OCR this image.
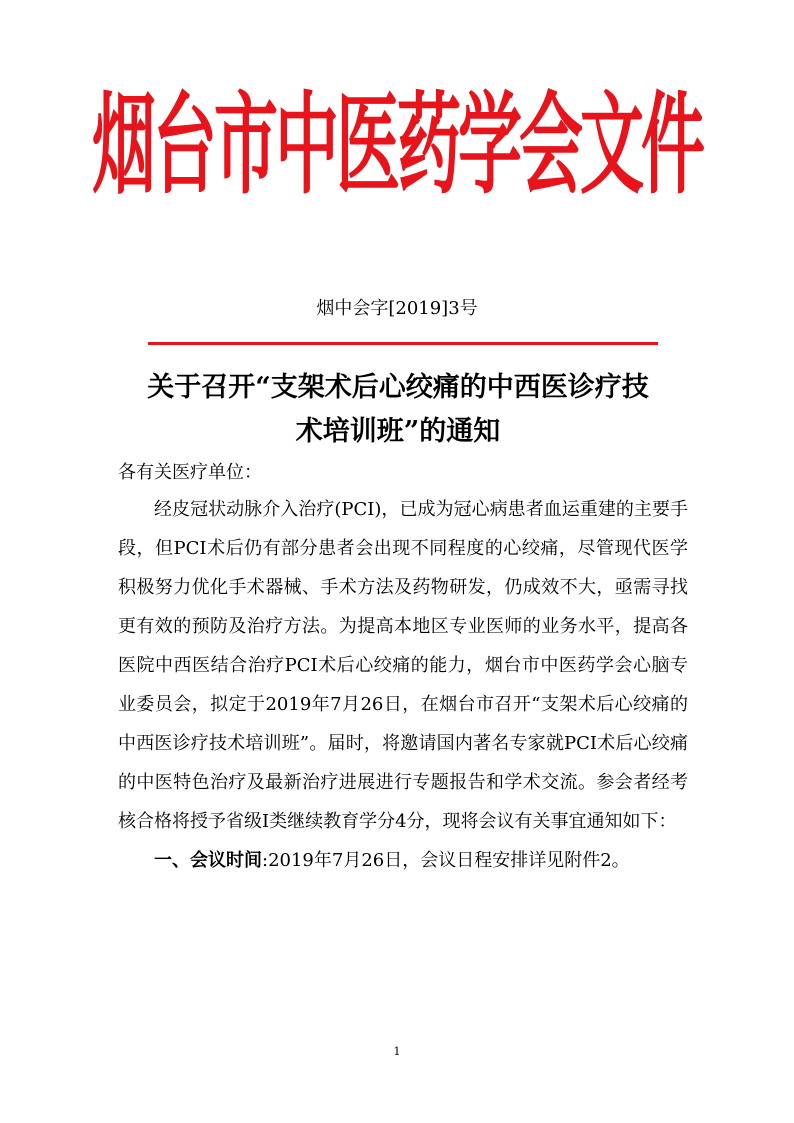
烟台市中医药学会文件
烟中会字[2019]3号
关于召开“支架术后心绞痛的中西医诊疗技
术培训班”的通知
各有关医疗单位：

经皮冠状动脉介入治疗(PCI)，已成为冠心病患者血运重建的主要手段，但PCI术后仍有部分患者会出现不同程度的心绞痛，尽管现代医学积极努力优化手术器械、手术方法及药物研发，仍成效不大，亟需寻找更有效的预防及治疗方法。为提高本地区专业医师的业务水平，提高各医院中西医结合治疗PCI术后心绞痛的能力，烟台市中医药学会心脑专业委员会，拟定于2019年7月26日，在烟台市召开“支架术后心绞痛的中西医诊疗技术培训班”。届时，将邀请国内著名专家就PCI术后心绞痛的中医特色治疗及最新治疗进展进行专题报告和学术交流。参会者经考核合格将授予省级Ⅰ类继续教育学分4分，现将会议有关事宜通知如下：

一、会议时间:2019年7月26日，会议日程安排详见附件2。

1
